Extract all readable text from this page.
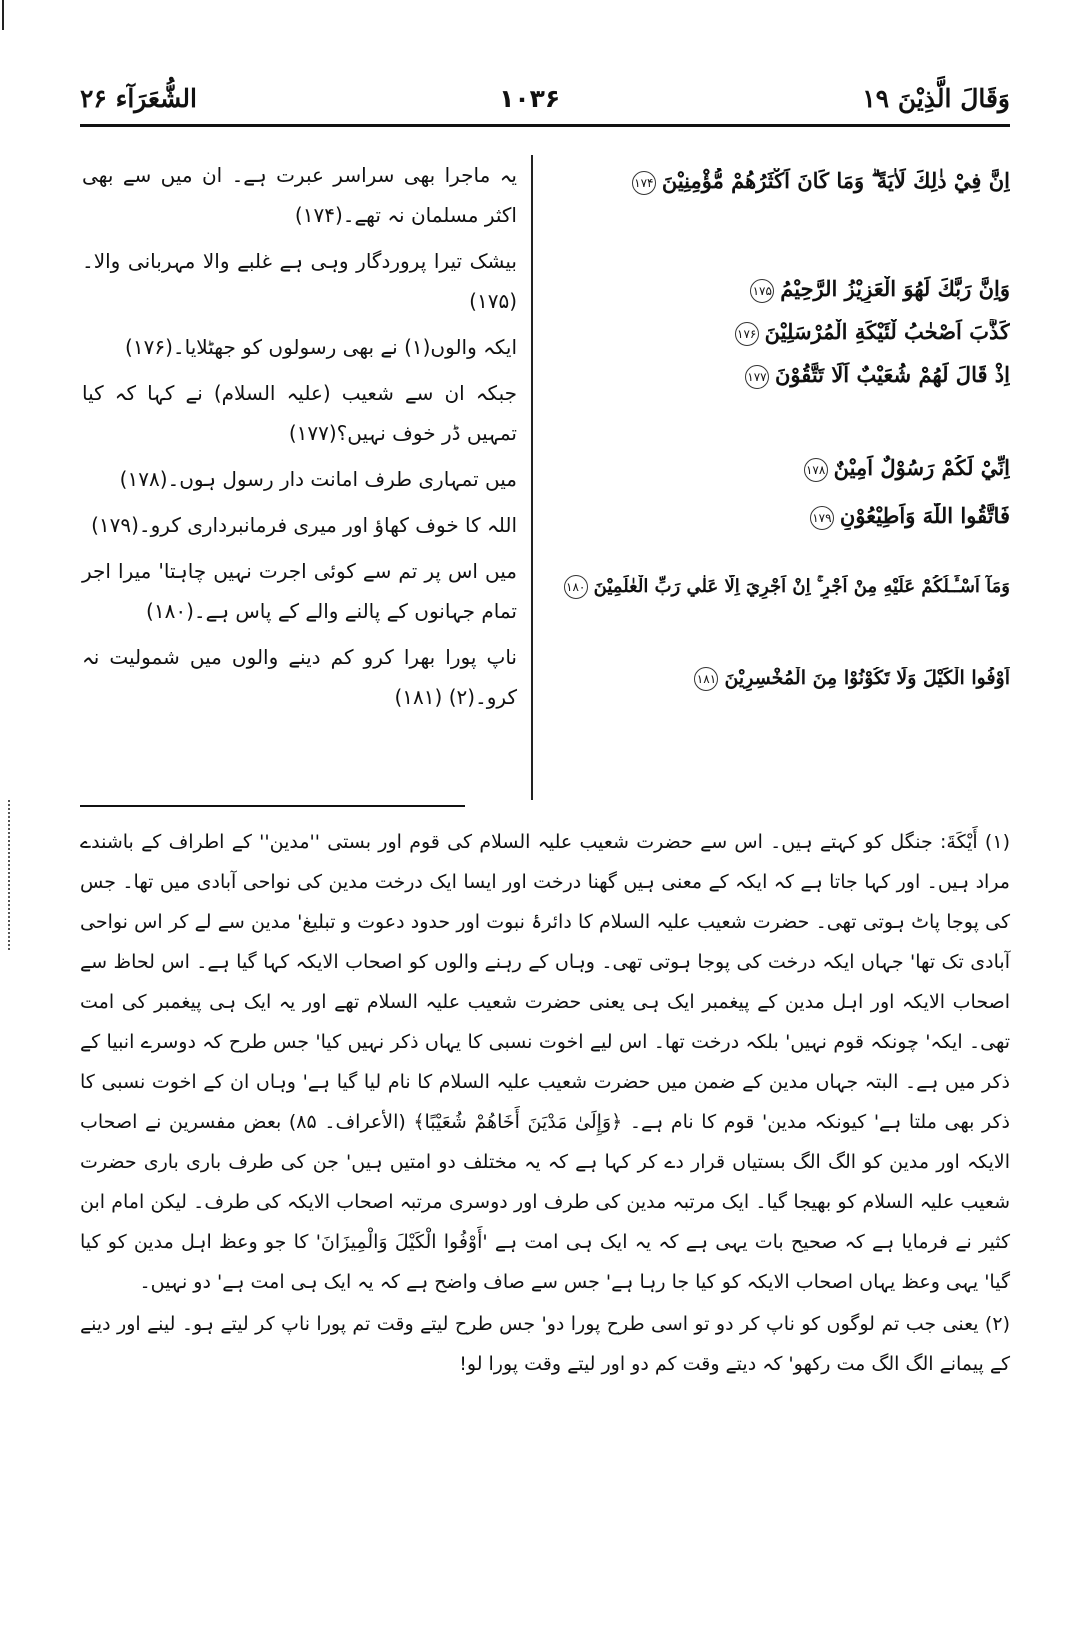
الشُّعَرَآء ۲۶	۱۰۳۶	وَقَالَ الَّذِيْنَ ١٩
اِنَّ فِيْ ذٰلِكَ لَاٰيَةً ۗ وَمَا كَانَ اَكْثَرُهُمْ مُّؤْمِنِيْنَ۱۷۴
وَاِنَّ رَبَّكَ لَهُوَ الْعَزِيْزُ الرَّحِيْمُ۱۷۵
كَذَّبَ اَصْحٰبُ لْئَيْكَةِ الْمُرْسَلِيْنَ۱۷۶
اِذْ قَالَ لَهُمْ شُعَيْبٌ اَلَا تَتَّقُوْنَ۱۷۷
اِنِّيْ لَكُمْ رَسُوْلٌ اَمِيْنٌ۱۷۸
فَاتَّقُوا اللّٰهَ وَاَطِيْعُوْنِ۱۷۹
وَمَآ اَسْـَٔـلُكُمْ عَلَيْهِ مِنْ اَجْرٍ ۚ اِنْ اَجْرِيَ اِلَّا عَلٰي رَبِّ الْعٰلَمِيْنَ۱۸۰
اَوْفُوا الْكَيْلَ وَلَا تَكُوْنُوْا مِنَ الْمُخْسِرِيْنَ۱۸۱

یہ ماجرا بھی سراسر عبرت ہے۔ ان میں سے بھی اکثر مسلمان نہ تھے۔(۱۷۴)

بیشک تیرا پروردگار وہی ہے غلبے والا مہربانی والا۔(۱۷۵)

ایکہ والوں(۱) نے بھی رسولوں کو جھٹلایا۔(۱۷۶)

جبکہ ان سے شعیب (علیہ السلام) نے کہا کہ کیا تمہیں ڈر خوف نہیں؟(۱۷۷)

میں تمہاری طرف امانت دار رسول ہوں۔(۱۷۸)

اللہ کا خوف کھاؤ اور میری فرمانبرداری کرو۔(۱۷۹)

میں اس پر تم سے کوئی اجرت نہیں چاہتا' میرا اجر تمام جہانوں کے پالنے والے کے پاس ہے۔(۱۸۰)

ناپ پورا بھرا کرو کم دینے والوں میں شمولیت نہ کرو۔(۲) (۱۸۱)

(۱) أَيْكَةَ: جنگل کو کہتے ہیں۔ اس سے حضرت شعیب علیہ السلام کی قوم اور بستی ''مدین'' کے اطراف کے باشندے مراد ہیں۔ اور کہا جاتا ہے کہ ایکہ کے معنی ہیں گھنا درخت اور ایسا ایک درخت مدین کی نواحی آبادی میں تھا۔ جس کی پوجا پاٹ ہوتی تھی۔ حضرت شعیب علیہ السلام کا دائرۂ نبوت اور حدود دعوت و تبلیغ' مدین سے لے کر اس نواحی آبادی تک تھا' جہاں ایکہ درخت کی پوجا ہوتی تھی۔ وہاں کے رہنے والوں کو اصحاب الایکہ کہا گیا ہے۔ اس لحاظ سے اصحاب الایکہ اور اہل مدین کے پیغمبر ایک ہی یعنی حضرت شعیب علیہ السلام تھے اور یہ ایک ہی پیغمبر کی امت تھی۔ ایکہ' چونکہ قوم نہیں' بلکہ درخت تھا۔ اس لیے اخوت نسبی کا یہاں ذکر نہیں کیا' جس طرح کہ دوسرے انبیا کے ذکر میں ہے۔ البتہ جہاں مدین کے ضمن میں حضرت شعیب علیہ السلام کا نام لیا گیا ہے' وہاں ان کے اخوت نسبی کا ذکر بھی ملتا ہے' کیونکہ مدین' قوم کا نام ہے۔ ﴿وَإِلَىٰ مَدْيَنَ أَخَاهُمْ شُعَيْبًا﴾ (الأعراف۔ ۸۵) بعض مفسرین نے اصحاب الایکہ اور مدین کو الگ الگ بستیاں قرار دے کر کہا ہے کہ یہ مختلف دو امتیں ہیں' جن کی طرف باری باری حضرت شعیب علیہ السلام کو بھیجا گیا۔ ایک مرتبہ مدین کی طرف اور دوسری مرتبہ اصحاب الایکہ کی طرف۔ لیکن امام ابن کثیر نے فرمایا ہے کہ صحیح بات یہی ہے کہ یہ ایک ہی امت ہے 'أَوْفُوا الْكَيْلَ وَالْمِيزَانَ' کا جو وعظ اہل مدین کو کیا گیا' یہی وعظ یہاں اصحاب الایکہ کو کیا جا رہا ہے' جس سے صاف واضح ہے کہ یہ ایک ہی امت ہے' دو نہیں۔

(۲) یعنی جب تم لوگوں کو ناپ کر دو تو اسی طرح پورا دو' جس طرح لیتے وقت تم پورا ناپ کر لیتے ہو۔ لینے اور دینے کے پیمانے الگ الگ مت رکھو' کہ دیتے وقت کم دو اور لیتے وقت پورا لو!
